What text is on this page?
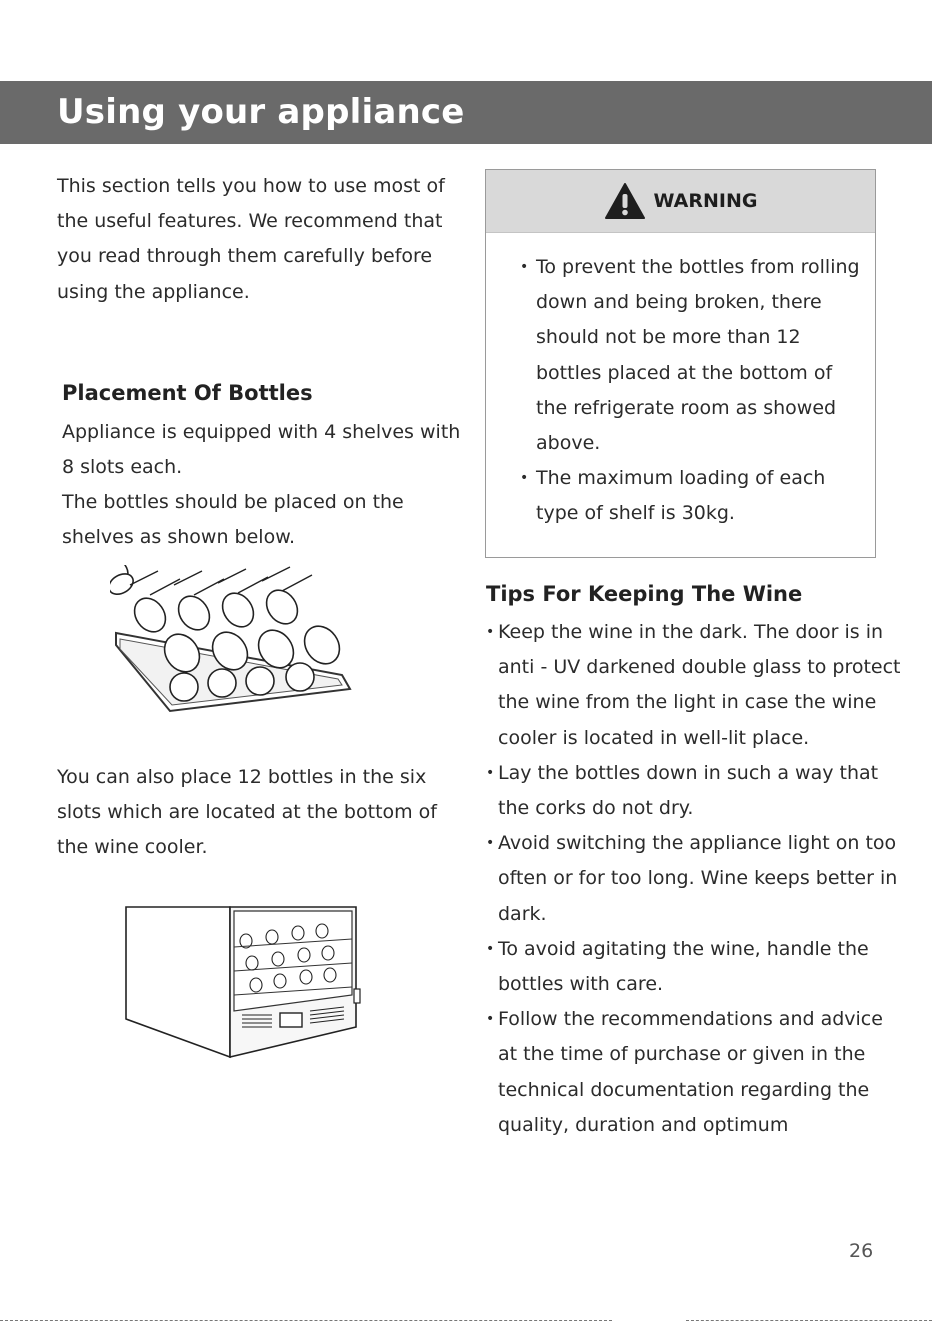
Using your appliance

This section tells you how to use most of the useful features. We recommend that you read through them carefully before using the appliance.

Placement Of Bottles

Appliance is equipped with 4 shelves with 8 slots each.

The bottles should be placed on the shelves as shown below.

You can also place 12 bottles in the six slots which are located at the bottom of the wine cooler.

WARNING
• To prevent the bottles from rolling down and being broken, there should not be more than 12 bottles placed at the bottom of the refrigerate room as showed above.
• The maximum loading of each type of shelf is 30kg.
Tips For Keeping The Wine
• Keep the wine in the dark. The door is in anti - UV darkened double glass to protect the wine from the light in case the wine cooler is located in well-lit place.
• Lay the bottles down in such a way that the corks do not dry.
• Avoid switching the appliance light on too often or for too long. Wine keeps better in dark.
• To avoid agitating the wine, handle the bottles with care.
• Follow the recommendations and advice at the time of purchase or given in the technical documentation regarding the quality, duration and optimum
26
